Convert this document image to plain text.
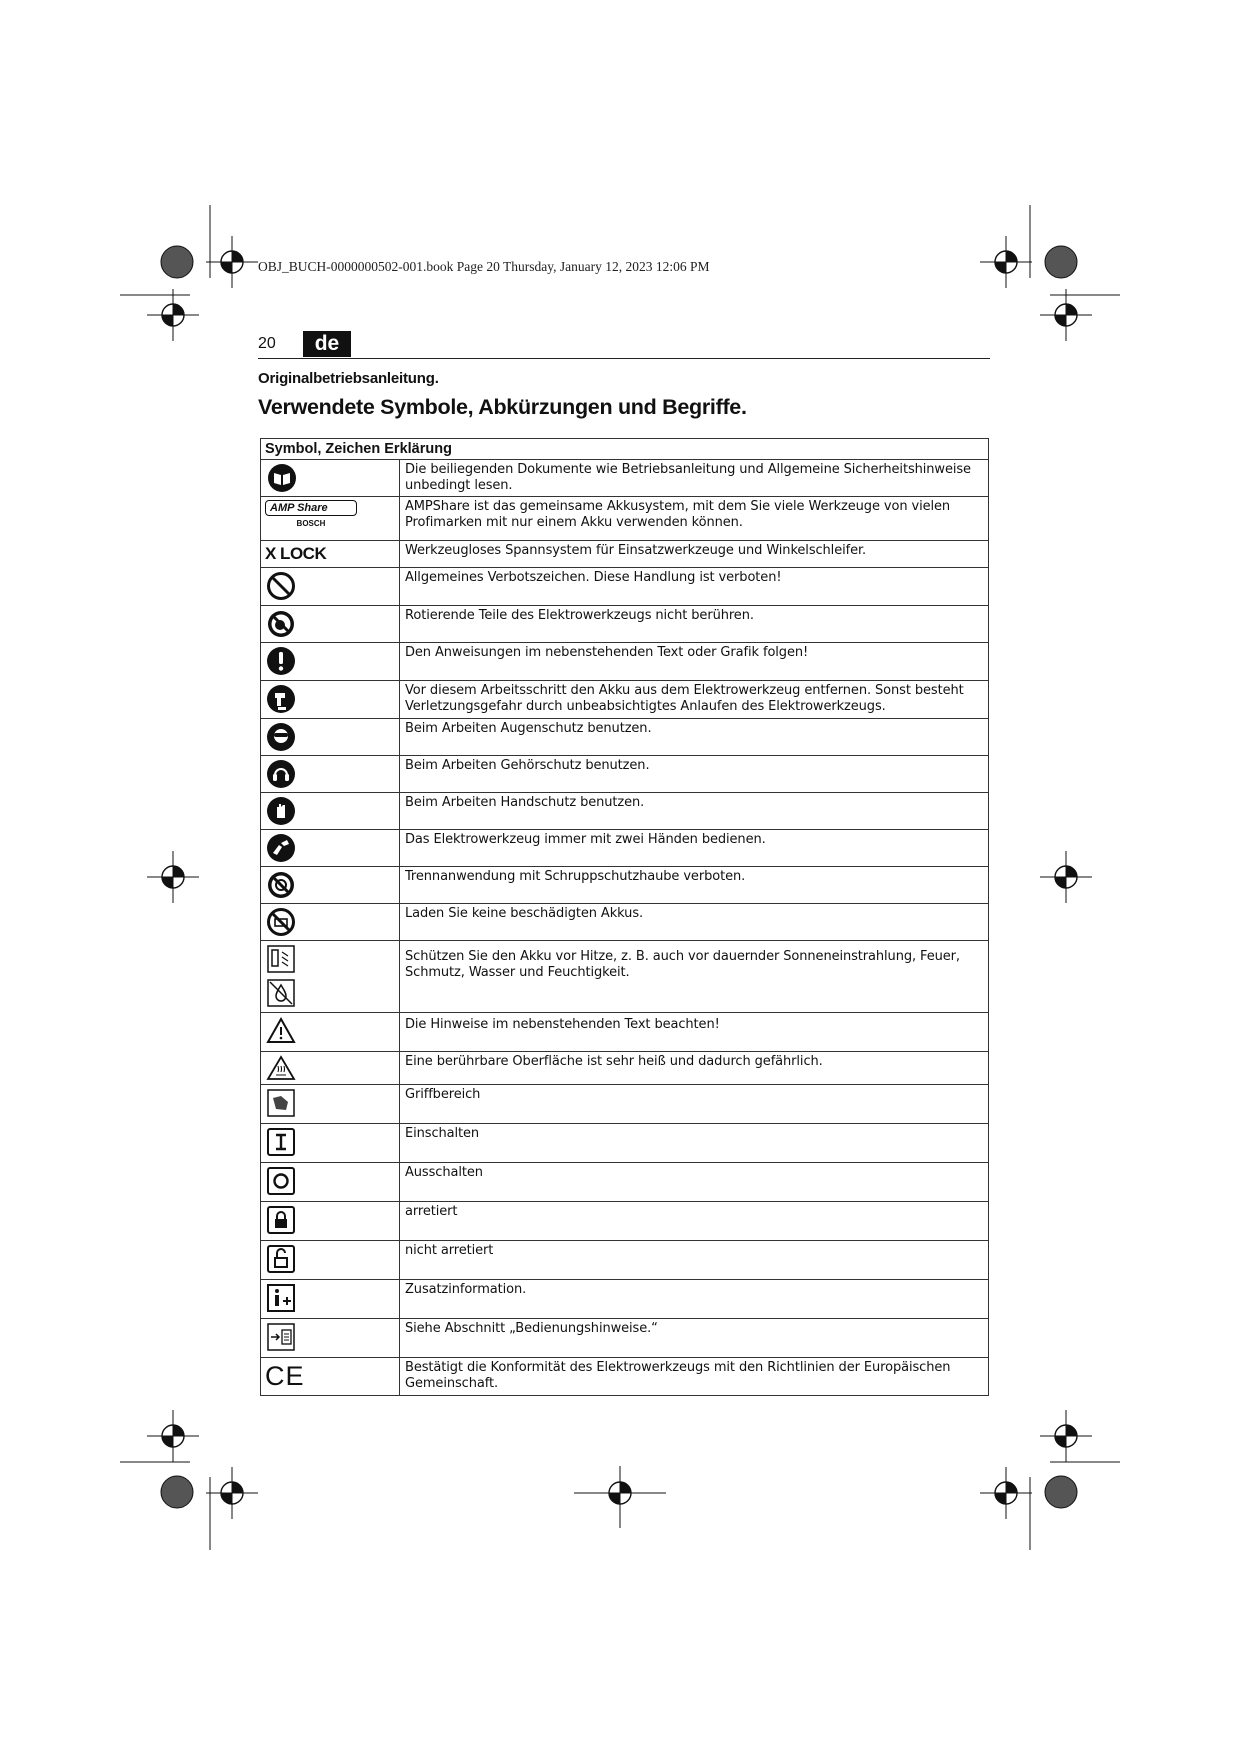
OBJ_BUCH-0000000502-001.book Page 20 Thursday, January 12, 2023 12:06 PM
20	de
Originalbetriebsanleitung.
Verwendete Symbole, Abkürzungen und Begriffe.
Symbol, Zeichen Erklärung	

	Die beiliegenden Dokumente wie Betriebsanleitung und Allgemeine Sicherheitshinweise unbedingt lesen.

AMP Share
BOSCH	AMPShare ist das gemeinsame Akkusystem, mit dem Sie viele Werkzeuge von vielen Profimarken mit nur einem Akku verwenden können.

X LOCK	Werkzeugloses Spannsystem für Einsatzwerkzeuge und Winkelschleifer.

	Allgemeines Verbotszeichen. Diese Handlung ist verboten!

	Rotierende Teile des Elektrowerkzeugs nicht berühren.

	Den Anweisungen im nebenstehenden Text oder Grafik folgen!

	Vor diesem Arbeitsschritt den Akku aus dem Elektrowerkzeug entfernen. Sonst besteht Verletzungsgefahr durch unbeabsichtigtes Anlaufen des Elektrowerkzeugs.

	Beim Arbeiten Augenschutz benutzen.

	Beim Arbeiten Gehörschutz benutzen.

	Beim Arbeiten Handschutz benutzen.

	Das Elektrowerkzeug immer mit zwei Händen bedienen.

	Trennanwendung mit Schruppschutzhaube verboten.

	Laden Sie keine beschädigten Akkus.

	Schützen Sie den Akku vor Hitze, z. B. auch vor dauernder Sonneneinstrahlung, Feuer, Schmutz, Wasser und Feuchtigkeit.

	Die Hinweise im nebenstehenden Text beachten!

	Eine berührbare Oberfläche ist sehr heiß und dadurch gefährlich.

	Griffbereich

	Einschalten

	Ausschalten

	arretiert

	nicht arretiert

	Zusatzinformation.

	Siehe Abschnitt „Bedienungshinweise.“

CE	Bestätigt die Konformität des Elektrowerkzeugs mit den Richtlinien der Europäischen Gemeinschaft.
